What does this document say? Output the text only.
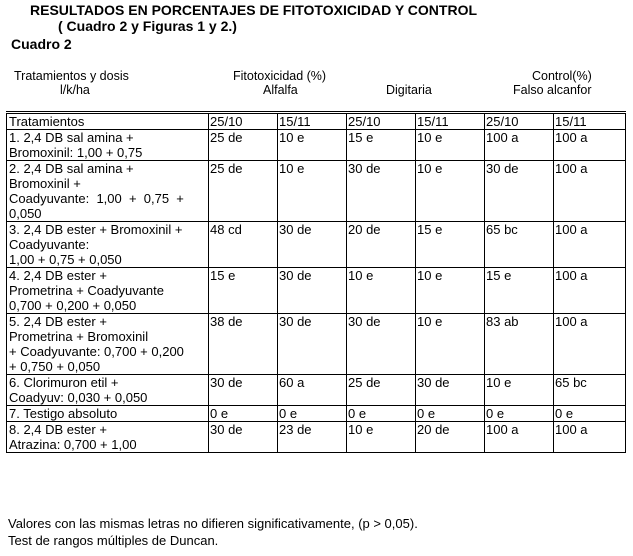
RESULTADOS EN PORCENTAJES DE FITOTOXICIDAD Y CONTROL
( Cuadro 2 y Figuras 1 y 2.)
Cuadro 2
Tratamientos y dosis
l/k/ha
Fitotoxicidad (%)
Alfalfa	Digitaria
Control(%)
Falso alcanfor
Tratamientos	25/10	15/11	25/10	15/11	25/10	15/11

1. 2,4 DB sal amina +
Bromoxinil: 1,00 + 0,75	25 de	10 e	15 e	10 e	100 a	100 a

2. 2,4 DB sal amina +
Bromoxinil +
Coadyuvante:  1,00  +  0,75  +
0,050	25 de	10 e	30 de	10 e	30 de	100 a

3. 2,4 DB ester + Bromoxinil +
Coadyuvante:
1,00 + 0,75 + 0,050	48 cd	30 de	20 de	15 e	65 bc	100 a

4. 2,4 DB ester +
Prometrina + Coadyuvante
0,700 + 0,200 + 0,050	15 e	30 de	10 e	10 e	15 e	100 a

5. 2,4 DB ester +
Prometrina + Bromoxinil
+ Coadyuvante: 0,700 + 0,200
+ 0,750 + 0,050	38 de	30 de	30 de	10 e	83 ab	100 a

6. Clorimuron etil +
Coadyuv: 0,030 + 0,050	30 de	60 a	25 de	30 de	10 e	65 bc

7. Testigo absoluto	0 e	0 e	0 e	0 e	0 e	0 e

8. 2,4 DB ester +
Atrazina: 0,700 + 1,00	30 de	23 de	10 e	20 de	100 a	100 a
Valores con las mismas letras no difieren significativamente, (p > 0,05).
Test de rangos múltiples de Duncan.
